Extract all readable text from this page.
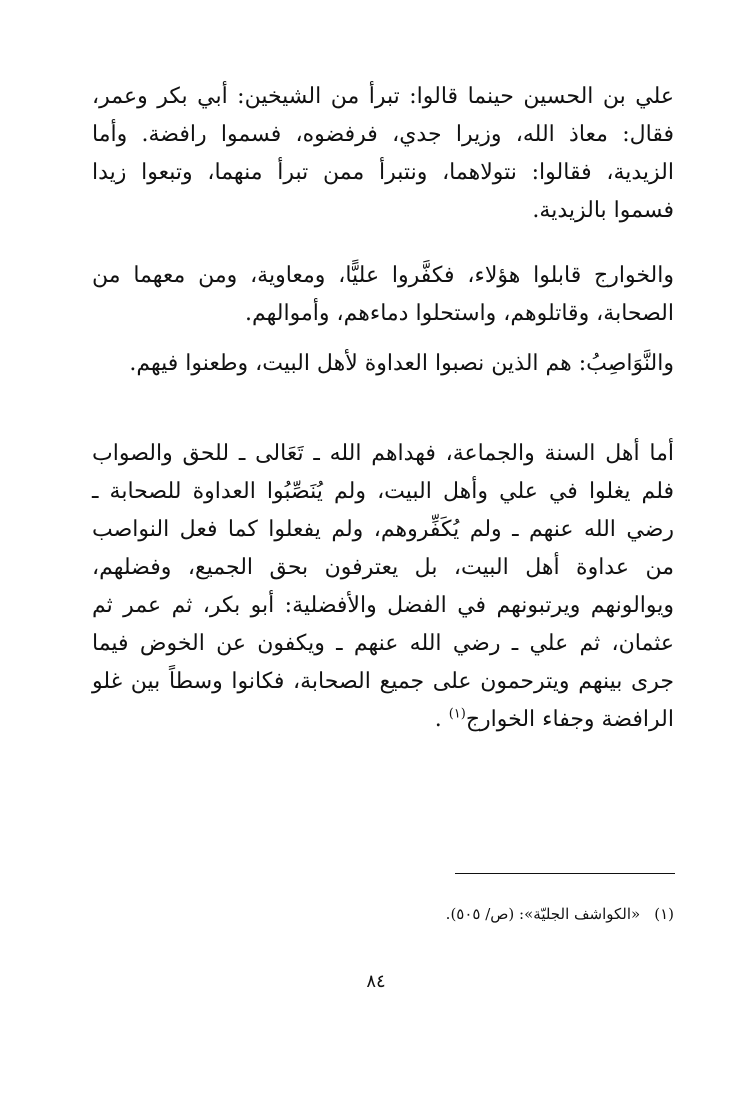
علي بن الحسين حينما قالوا: تبرأ من الشيخين: أبي بكر وعمر، فقال: معاذ الله، وزيرا جدي، فرفضوه، فسموا رافضة. وأما الزيدية، فقالوا: نتولاهما، ونتبرأ ممن تبرأ منهما، وتبعوا زيدا فسموا بالزيدية.

والخوارج قابلوا هؤلاء، فكفَّروا عليًّا، ومعاوية، ومن معهما من الصحابة، وقاتلوهم، واستحلوا دماءهم، وأموالهم.

والنَّوَاصِبُ: هم الذين نصبوا العداوة لأهل البيت، وطعنوا فيهم.

أما أهل السنة والجماعة، فهداهم الله ـ تَعَالى ـ للحق والصواب فلم يغلوا في علي وأهل البيت، ولم يُنَصِّبُوا العداوة للصحابة ـ رضي الله عنهم ـ ولم يُكَفِّروهم، ولم يفعلوا كما فعل النواصب من عداوة أهل البيت، بل يعترفون بحق الجميع، وفضلهم، ويوالونهم ويرتبونهم في الفضل والأفضلية: أبو بكر، ثم عمر ثم عثمان، ثم علي ـ رضي الله عنهم ـ ويكفون عن الخوض فيما جرى بينهم ويترحمون على جميع الصحابة، فكانوا وسطاً بين غلو الرافضة وجفاء الخوارج$^{(١)}$ .

(١)«الكواشف الجليّة»: (ص/ ٥٠٥).

٨٤
